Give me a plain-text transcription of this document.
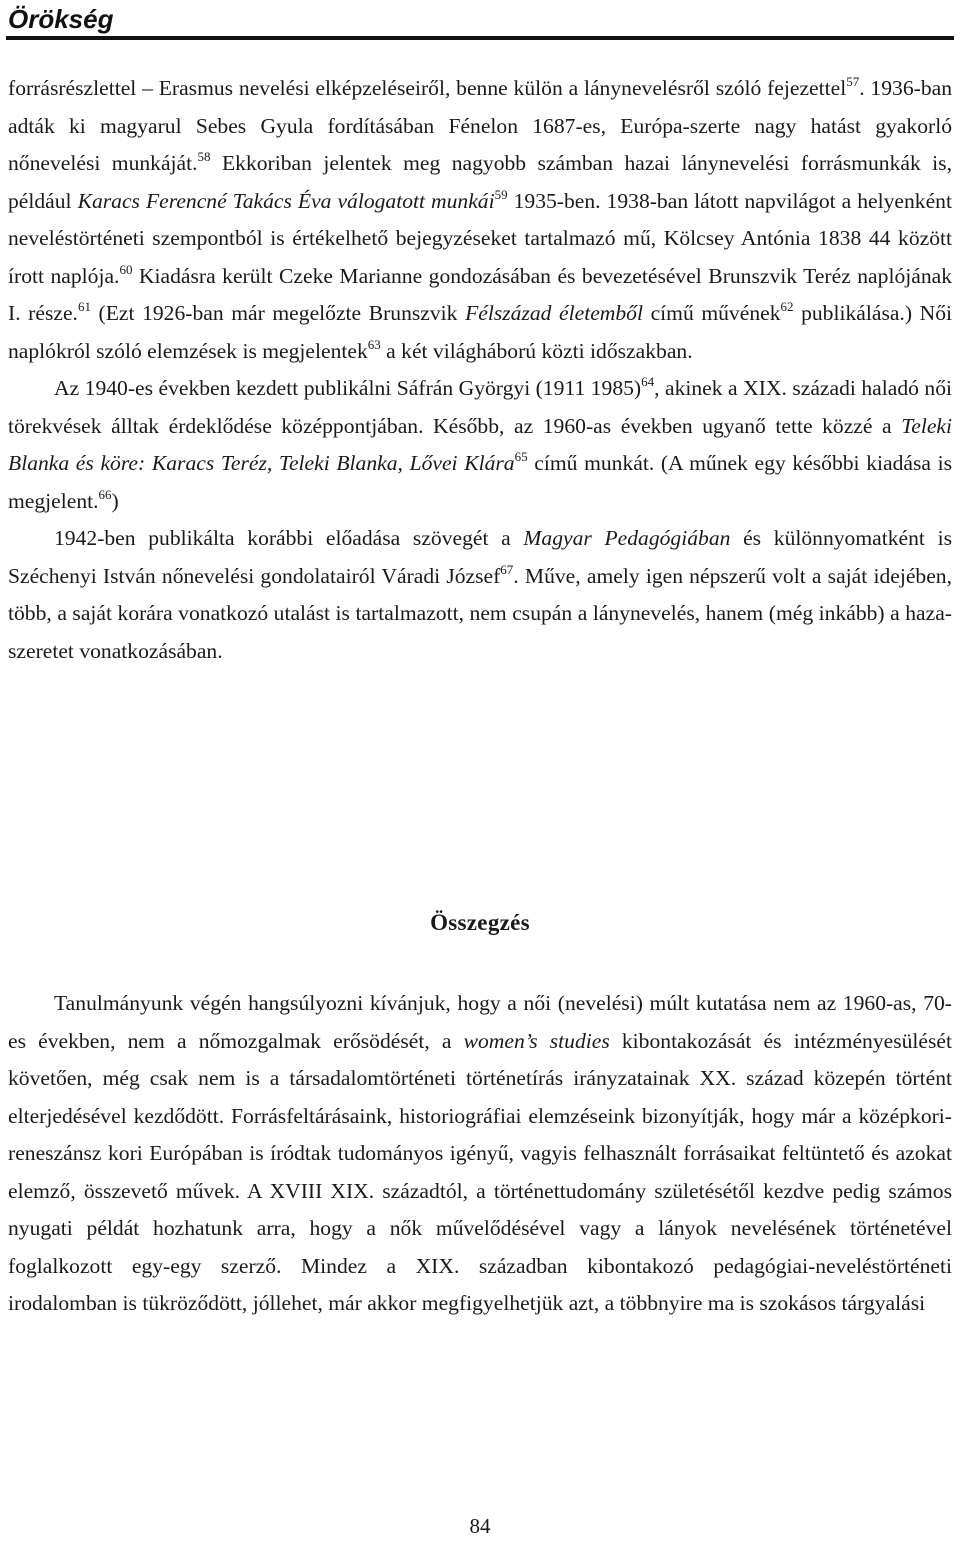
Örökség

forrásrészlettel – Erasmus nevelési elképzeléseiről, benne külön a lánynevelésről szóló fejezettel$^{57}$. 1936-ban adták ki magyarul Sebes Gyula fordításában Fénelon 1687-es, Európa-szerte nagy hatást gyakorló nőnevelési munkáját.$^{58}$ Ekkoriban jelentek meg nagyobb számban hazai lánynevelési forrásmunkák is, például Karacs Ferencné Takács Éva válogatott munkái$^{59}$ 1935-ben. 1938-ban látott napvilágot a helyenként neveléstörténeti szempontból is értékelhető bejegyzéseket tartalmazó mű, Kölcsey Antónia 1838 44 között írott naplója.$^{60}$ Kiadásra került Czeke Marianne gondozásában és bevezetésével Brunszvik Teréz naplójának I. része.$^{61}$ (Ezt 1926-ban már megelőzte Brunszvik Félszázad életemből című művének$^{62}$ publikálása.) Női naplókról szóló elemzések is megjelentek$^{63}$ a két világháború közti időszakban.

Az 1940-es években kezdett publikálni Sáfrán Györgyi (1911 1985)$^{64}$, akinek a XIX. századi haladó női törekvések álltak érdeklődése középpontjában. Később, az 1960-as években ugyanő tette közzé a Teleki Blanka és köre: Karacs Teréz, Teleki Blanka, Lővei Klára$^{65}$ című munkát. (A műnek egy későbbi kiadása is megjelent.$^{66}$)

1942-ben publikálta korábbi előadása szövegét a Magyar Pedagógiában és különnyomatként is Széchenyi István nőnevelési gondolatairól Váradi József$^{67}$. Műve, amely igen népszerű volt a saját idejében, több, a saját korára vonatkozó utalást is tartalmazott, nem csupán a lánynevelés, hanem (még inkább) a hazaszeretet vonatkozásában.

Összegzés

Tanulmányunk végén hangsúlyozni kívánjuk, hogy a női (nevelési) múlt kutatása nem az 1960-as, 70-es években, nem a nőmozgalmak erősödését, a women’s studies kibontakozását és intézményesülését követően, még csak nem is a társadalomtörténeti történetírás irányzatainak XX. század közepén történt elterjedésével kezdődött. Forrásfeltárásaink, historiográfiai elemzéseink bizonyítják, hogy már a középkori-reneszánsz kori Európában is íródtak tudományos igényű, vagyis felhasznált forrásaikat feltüntető és azokat elemző, összevető művek. A XVIII XIX. századtól, a történettudomány születésétől kezdve pedig számos nyugati példát hozhatunk arra, hogy a nők művelődésével vagy a lányok nevelésének történetével foglalkozott egy-egy szerző. Mindez a XIX. században kibontakozó pedagógiai-neveléstörténeti irodalomban is tükröződött, jóllehet, már akkor megfigyelhetjük azt, a többnyire ma is szokásos tárgyalási

84
